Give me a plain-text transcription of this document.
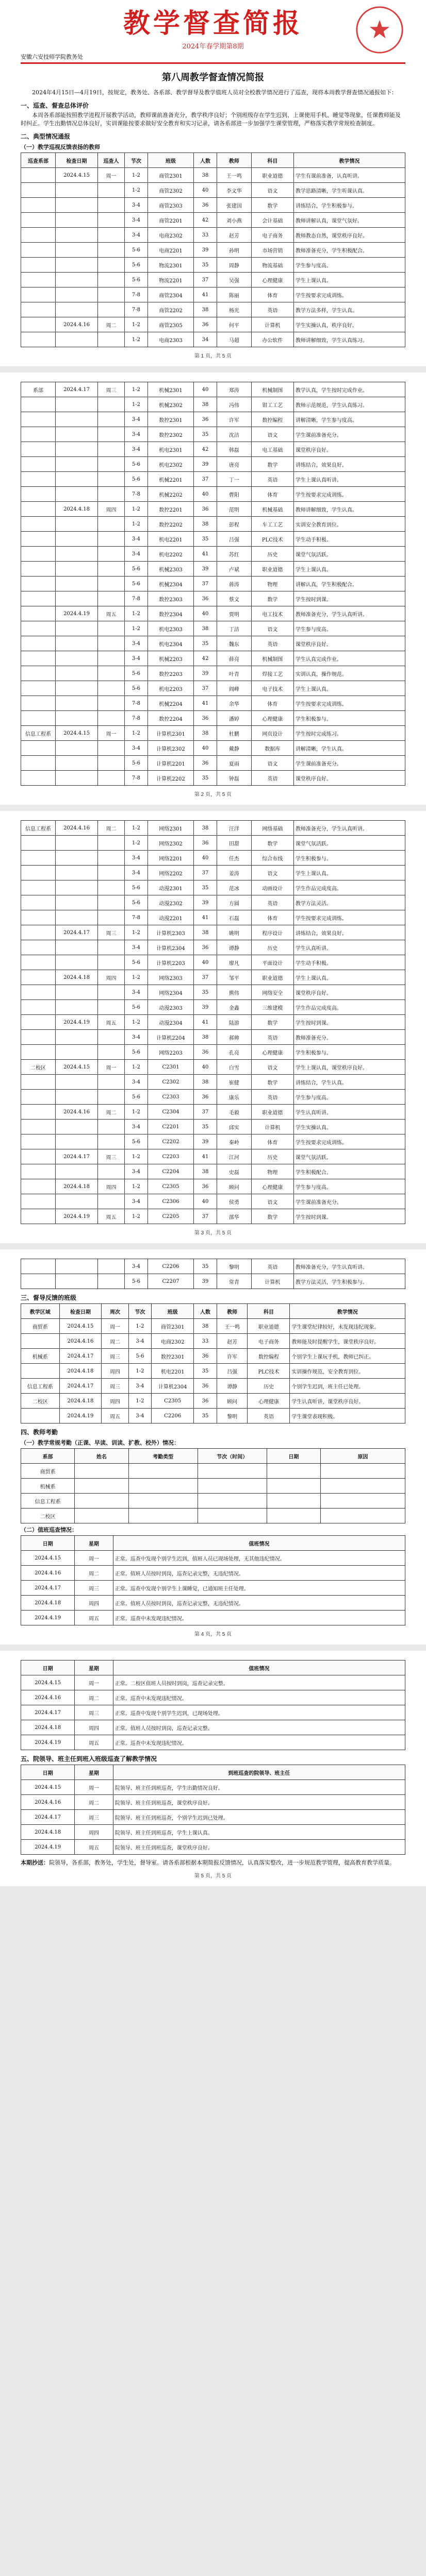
教学督查简报
2024年春学期第8期
安徽六安技师学院教务处
第八周教学督查情况简报

2024年4月15日—4月19日，按规定，教务处、各系部、教学督导及教学值班人员对全校教学情况进行了巡查，现将本周教学督查情况通报如下：

一、巡查、督查总体评价

本周各系部能按照教学进程开展教学活动，教师课前准备充分，教学秩序良好；个别班级存在学生迟到、上课使用手机、睡觉等现象，任课教师能及时纠正。学生出勤情况总体良好，实训课能按要求做好安全教育和实习记录，请各系部进一步加强学生课堂管理，严格落实教学常规检查制度。

二、典型情况通报
（一）教学巡视反馈表扬的教师
巡查系部	检查日期	巡查人	节次	班级	人数	教师	科目	教学情况
	2024.4.15	周一	1-2	商管2301	38	王一鸣	职业道德	学生有课前准备，认真听讲。
			1-2	商管2302	40	李文华	语文	教学思路清晰，学生听课认真。
			3-4	商管2303	36	张建国	数学	讲练结合，学生积极参与。
			3-4	商管2201	42	刘小燕	会计基础	教师讲解认真，课堂气氛好。
			3-4	电商2302	33	赵芳	电子商务	教师教态自然，课堂秩序良好。
			5-6	电商2201	39	孙明	市场营销	教师准备充分，学生积极配合。
			5-6	物流2301	35	周静	物流基础	学生参与度高。
			5-6	物流2201	37	吴强	心理健康	学生上课认真。
			7-8	商管2304	41	陈丽	体育	学生按要求完成训练。
			7-8	商管2202	38	杨光	英语	教学方法多样，学生认真。
	2024.4.16	周二	1-2	商管2305	36	何平	计算机	学生实操认真，秩序良好。
			1-2	电商2303	34	马超	办公软件	教师讲解细致，学生认真练习。
第 1 页，共 5 页
系部	2024.4.17	周三	1-2	机械2301	40	郑涛	机械制图	教学认真，学生按时完成作业。
			1-2	机械2302	38	冯伟	钳工工艺	教师示范规范，学生认真练习。
			3-4	数控2301	36	许军	数控编程	讲解清晰，学生参与度高。
			3-4	数控2302	35	沈洁	语文	学生课前准备充分。
			3-4	机电2301	42	韩磊	电工基础	课堂秩序良好。
			5-6	机电2302	39	唐亮	数学	讲练结合，效果良好。
			5-6	机械2201	37	丁一	英语	学生上课认真听讲。
			7-8	机械2202	40	曹阳	体育	学生按要求完成训练。
	2024.4.18	周四	1-2	数控2201	36	范明	机械基础	教师讲解细致，学生认真。
			1-2	数控2202	38	彭程	车工工艺	实训安全教育到位。
			3-4	机电2201	35	吕强	PLC技术	学生动手积极。
			3-4	机电2202	41	苏红	历史	课堂气氛活跃。
			5-6	机械2303	39	卢斌	职业道德	学生上课认真。
			5-6	机械2304	37	蒋涛	物理	讲解认真，学生积极配合。
			7-8	数控2303	36	蔡文	数学	学生按时到课。
	2024.4.19	周五	1-2	数控2304	40	贾明	电工技术	教师准备充分，学生认真听讲。
			1-2	机电2303	38	丁洁	语文	学生参与度高。
			3-4	机电2304	35	魏东	英语	课堂秩序良好。
			3-4	机械2203	42	薛亮	机械制图	学生认真完成作业。
			5-6	数控2203	39	叶青	焊接工艺	实训认真，操作规范。
			5-6	机电2203	37	阎峰	电子技术	学生上课认真。
			7-8	机械2204	41	余华	体育	学生按要求完成训练。
			7-8	数控2204	36	潘婷	心理健康	学生积极参与。
信息工程系	2024.4.15	周一	1-2	计算机2301	38	杜鹏	网页设计	学生按时完成练习。
			3-4	计算机2302	40	戴静	数据库	讲解清晰，学生认真。
			5-6	计算机2201	36	夏雨	语文	学生课前准备充分。
			7-8	计算机2202	35	钟磊	英语	课堂秩序良好。
第 2 页，共 5 页
信息工程系	2024.4.16	周二	1-2	网络2301	38	汪洋	网络基础	教师准备充分，学生认真听讲。
			1-2	网络2302	36	田甜	数学	课堂气氛活跃。
			3-4	网络2201	40	任杰	综合布线	学生积极参与。
			3-4	网络2202	37	姜涛	语文	学生上课认真。
			5-6	动漫2301	35	范冰	动画设计	学生作品完成度高。
			5-6	动漫2302	39	方圆	英语	教学方法灵活。
			7-8	动漫2201	41	石磊	体育	学生按要求完成训练。
	2024.4.17	周三	1-2	计算机2303	38	姚明	程序设计	讲练结合，效果良好。
			3-4	计算机2304	36	谭静	历史	学生认真听讲。
			5-6	计算机2203	40	廖凡	平面设计	学生动手积极。
	2024.4.18	周四	1-2	网络2303	37	邹平	职业道德	学生上课认真。
			3-4	网络2304	35	熊伟	网络安全	课堂秩序良好。
			5-6	动漫2303	39	金鑫	三维建模	学生作品完成度高。
	2024.4.19	周五	1-2	动漫2304	41	陆游	数学	学生按时到课。
			3-4	计算机2204	38	郝帅	英语	教师准备充分。
			5-6	网络2203	36	孔亮	心理健康	学生积极参与。
二校区	2024.4.15	周一	1-2	C2301	40	白雪	语文	学生上课认真，课堂秩序良好。
			3-4	C2302	38	崔健	数学	讲练结合，学生认真。
			5-6	C2303	36	康乐	英语	学生参与度高。
	2024.4.16	周二	1-2	C2304	37	毛毅	职业道德	学生认真听讲。
			3-4	C2201	35	邱实	计算机	学生实操认真。
			5-6	C2202	39	秦岭	体育	学生按要求完成训练。
	2024.4.17	周三	1-2	C2203	41	江河	历史	课堂气氛活跃。
			3-4	C2204	38	史磊	物理	学生积极配合。
	2024.4.18	周四	1-2	C2305	36	顾问	心理健康	学生参与度高。
			3-4	C2306	40	侯勇	语文	学生课前准备充分。
	2024.4.19	周五	1-2	C2205	37	邵华	数学	学生按时到课。
第 3 页，共 5 页
			3-4	C2206	35	黎明	英语	教师准备充分，学生认真听讲。
			5-6	C2207	39	常青	计算机	教学方法灵活，学生积极参与。
三、督导反馈的班级
教学区域	检查日期	周次	节次	班级	人数	教师	科目	教学情况
商贸系	2024.4.15	周一	1-2	商管2301	38	王一鸣	职业道德	学生课堂纪律较好，未发现违纪现象。
	2024.4.16	周二	3-4	电商2302	33	赵芳	电子商务	教师能及时提醒学生，课堂秩序良好。
机械系	2024.4.17	周三	5-6	数控2301	36	许军	数控编程	个别学生上课玩手机，教师已纠正。
	2024.4.18	周四	1-2	机电2201	35	吕强	PLC技术	实训操作规范，安全教育到位。
信息工程系	2024.4.17	周三	3-4	计算机2304	36	谭静	历史	个别学生迟到，班主任已处理。
二校区	2024.4.18	周四	1-2	C2305	36	顾问	心理健康	学生认真听讲，课堂秩序良好。
	2024.4.19	周五	3-4	C2206	35	黎明	英语	学生课堂表现积极。
四、教师考勤
（一）教学常规考勤（正课、早读、训读、扩教、校外）情况：
系部	姓名	考勤类型	节次（时间）	日期	原因
商贸系					
机械系					
信息工程系					
二校区					
（二）值班巡查情况：
日期	星期	值班情况
2024.4.15	周一	正常。巡查中发现个别学生迟到，值班人员已现场处理，无其他违纪情况。
2024.4.16	周二	正常。值班人员按时到岗，巡查记录完整，无违纪情况。
2024.4.17	周三	正常。巡查中发现个别学生上课睡觉，已通知班主任处理。
2024.4.18	周四	正常。值班人员按时到岗，巡查记录完整，无违纪情况。
2024.4.19	周五	正常。巡查中未发现违纪情况。
第 4 页，共 5 页
日期	星期	值班情况
2024.4.15	周一	正常。二校区值班人员按时到岗，巡查记录完整。
2024.4.16	周二	正常。巡查中未发现违纪情况。
2024.4.17	周三	正常。巡查中发现个别学生迟到，已现场处理。
2024.4.18	周四	正常。值班人员按时到岗，巡查记录完整。
2024.4.19	周五	正常。巡查中未发现违纪情况。
五、院领导、班主任到班入班级巡查了解教学情况
日期	星期	到班巡查的院领导、班主任
2024.4.15	周一	院领导、班主任到班巡查，学生出勤情况良好。
2024.4.16	周二	院领导、班主任到班巡查，课堂秩序良好。
2024.4.17	周三	院领导、班主任到班巡查，个别学生迟到已处理。
2024.4.18	周四	院领导、班主任到班巡查，学生上课认真。
2024.4.19	周五	院领导、班主任到班巡查，课堂秩序良好。

本期抄送：院领导，各系部，教务处，学生处，督导室。请各系部根据本期简报反馈情况，认真落实整改，进一步规范教学管理，提高教育教学质量。

第 5 页，共 5 页
